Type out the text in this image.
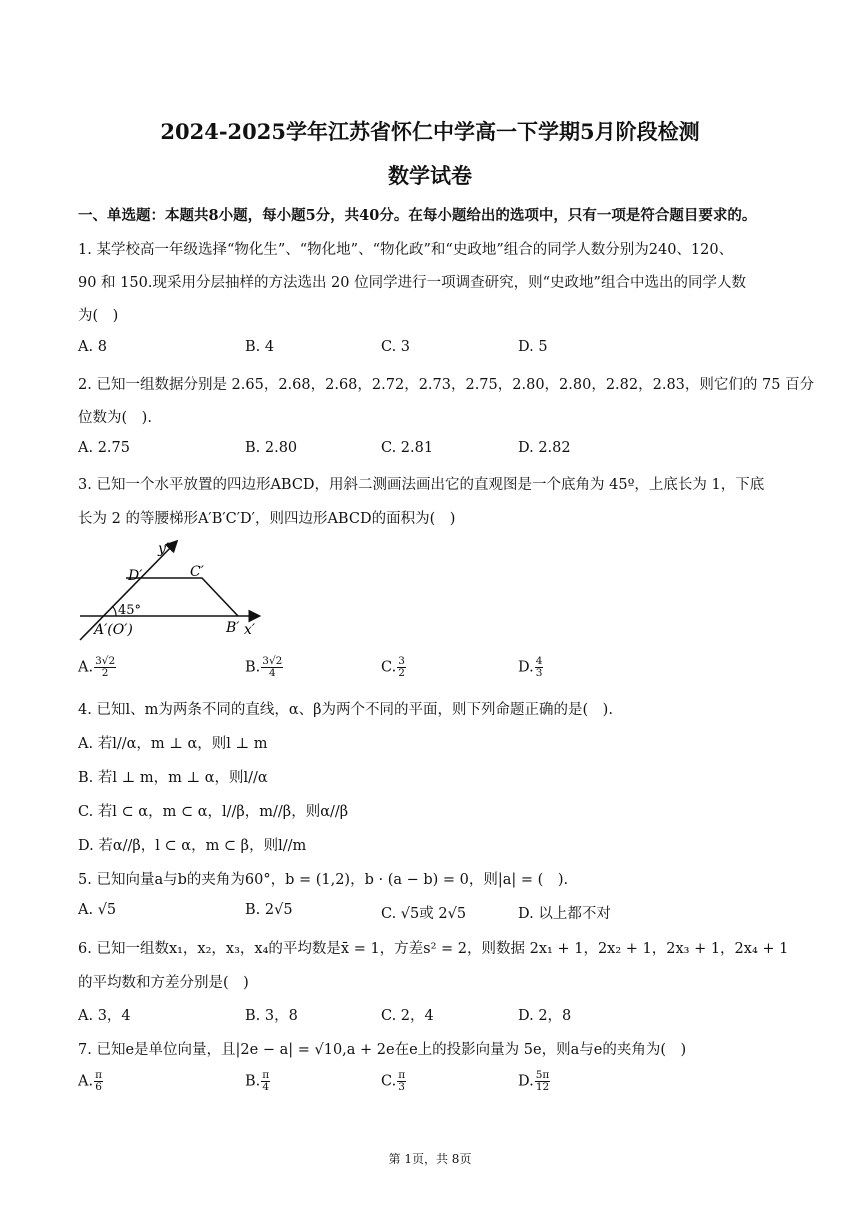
2024-2025学年江苏省怀仁中学高一下学期5月阶段检测
数学试卷
一、单选题：本题共8小题，每小题5分，共40分。在每小题给出的选项中，只有一项是符合题目要求的。
1. 某学校高一年级选择“物化生”、“物化地”、“物化政”和“史政地”组合的同学人数分别为240、120、
90 和 150.现采用分层抽样的方法选出 20 位同学进行一项调查研究，则“史政地”组合中选出的同学人数
为(　)
A. 8	B. 4	C. 3	D. 5
2. 已知一组数据分别是 2.65，2.68，2.68，2.72，2.73，2.75，2.80，2.80，2.82，2.83，则它们的 75 百分
位数为(　).
A. 2.75	B. 2.80	C. 2.81	D. 2.82
3. 已知一个水平放置的四边形ABCD，用斜二测画法画出它的直观图是一个底角为 45º，上底长为 1，下底
长为 2 的等腰梯形A′B′C′D′，则四边形ABCD的面积为(　)
y′
D′	C′
45°
A′(O′)	B′ x′
A. $\frac{3√2}{2}$	B. $\frac{3√2}{4}$	C. $\frac{3}{2}$	D. $\frac{4}{3}$
4. 已知l、m为两条不同的直线，α、β为两个不同的平面，则下列命题正确的是(　).
A. 若l//α，m ⊥ α，则l ⊥ m
B. 若l ⊥ m，m ⊥ α，则l//α
C. 若l ⊂ α，m ⊂ α，l//β，m//β，则α//β
D. 若α//β，l ⊂ α，m ⊂ β，则l//m
5. 已知向量a与b的夹角为60°，b = (1,2)，b · (a − b) = 0，则|a| = (　).
A. √5	B. 2√5	C. √5或 2√5	D. 以上都不对
6. 已知一组数x₁，x₂，x₃，x₄的平均数是x̄ = 1，方差s² = 2，则数据 2x₁ + 1，2x₂ + 1，2x₃ + 1，2x₄ + 1
的平均数和方差分别是(　)
A. 3，4	B. 3，8	C. 2，4	D. 2，8
7. 已知e是单位向量，且|2e − a| = √10,a + 2e在e上的投影向量为 5e，则a与e的夹角为(　)
A. $\frac{\pi}{6}$	B. $\frac{\pi}{4}$	C. $\frac{\pi}{3}$	D. $\frac{5\pi}{12}$
第 1页，共 8页
